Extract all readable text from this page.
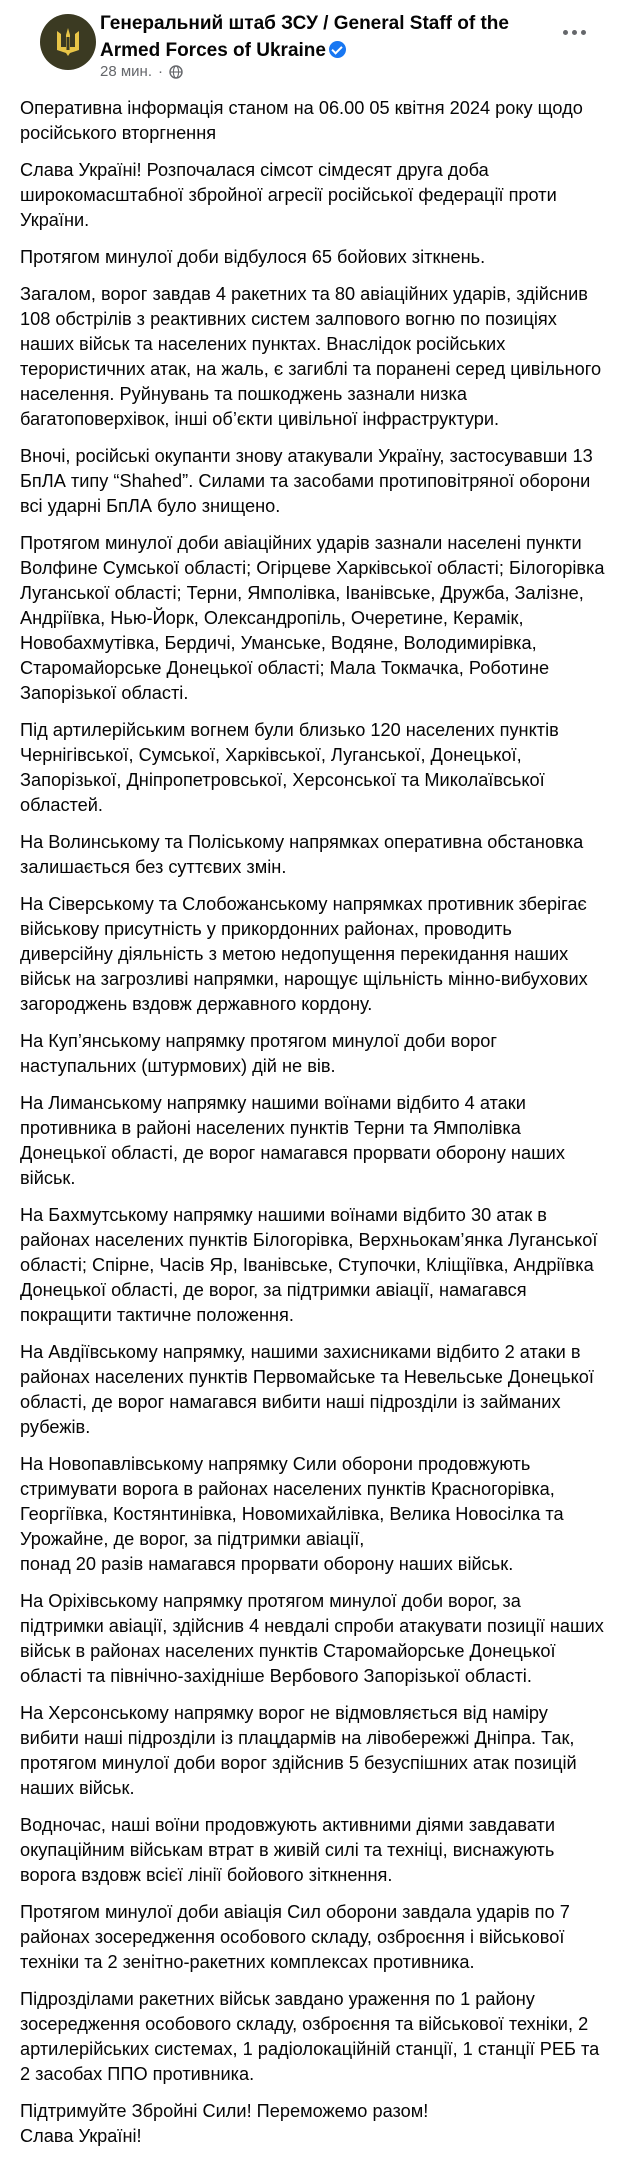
Генеральний штаб ЗСУ / General Staff of the Armed Forces of Ukraine
28 мин. ·

Оперативна інформація станом на 06.00 05 квітня 2024 року щодо російського вторгнення

Слава Україні! Розпочалася сімсот сімдесят друга доба широкомасштабної збройної агресії російської федерації проти України.

Протягом минулої доби відбулося 65 бойових зіткнень.

Загалом, ворог завдав 4 ракетних та 80 авіаційних ударів, здійснив 108 обстрілів з реактивних систем залпового вогню по позиціях наших військ та населених пунктах. Внаслідок російських терористичних атак, на жаль, є загиблі та поранені серед цивільного населення. Руйнувань та пошкоджень зазнали низка багатоповерхівок, інші об’єкти цивільної інфраструктури.

Вночі, російські окупанти знову атакували Україну, застосувавши 13 БпЛА типу “Shahed”. Силами та засобами протиповітряної оборони всі ударні БпЛА було знищено.

Протягом минулої доби авіаційних ударів зазнали населені пункти Волфине Сумської області; Огірцеве Харківської області; Білогорівка Луганської області; Терни, Ямполівка, Іванівське, Дружба, Залізне, Андріївка, Нью-Йорк, Олександропіль, Очеретине, Керамік, Новобахмутівка, Бердичі, Уманське, Водяне, Володимирівка, Старомайорське Донецької області; Мала Токмачка, Роботине Запорізької області.

Під артилерійським вогнем були близько 120 населених пунктів Чернігівської, Сумської, Харківської, Луганської, Донецької, Запорізької, Дніпропетровської, Херсонської та Миколаївської областей.

На Волинському та Поліському напрямках оперативна обстановка залишається без суттєвих змін.

На Сіверському та Слобожанському напрямках противник зберігає військову присутність у прикордонних районах, проводить диверсійну діяльність з метою недопущення перекидання наших військ на загрозливі напрямки, нарощує щільність мінно-вибухових загороджень вздовж державного кордону.

На Куп’янському напрямку протягом минулої доби ворог наступальних (штурмових) дій не вів.

На Лиманському напрямку нашими воїнами відбито 4 атаки противника в районі населених пунктів Терни та Ямполівка Донецької області, де ворог намагався прорвати оборону наших військ.

На Бахмутському напрямку нашими воїнами відбито 30 атак в районах населених пунктів Білогорівка, Верхньокам’янка Луганської області; Спірне, Часів Яр, Іванівське, Ступочки, Кліщіївка, Андріївка Донецької області, де ворог, за підтримки авіації, намагався покращити тактичне положення.

На Авдіївському напрямку, нашими захисниками відбито 2 атаки в районах населених пунктів Первомайське та Невельське Донецької області, де ворог намагався вибити наші підрозділи із займаних рубежів.

На Новопавлівському напрямку Сили оборони продовжують стримувати ворога в районах населених пунктів Красногорівка, Георгіївка, Костянтинівка, Новомихайлівка, Велика Новосілка та Урожайне, де ворог, за підтримки авіації,
понад 20 разів намагався прорвати оборону наших військ.

На Оріхівському напрямку протягом минулої доби ворог, за підтримки авіації, здійснив 4 невдалі спроби атакувати позиції наших військ в районах населених пунктів Старомайорське Донецької області та північно-західніше Вербового Запорізької області.

На Херсонському напрямку ворог не відмовляється від наміру вибити наші підрозділи із плацдармів на лівобережжі Дніпра. Так, протягом минулої доби ворог здійснив 5 безуспішних атак позицій наших військ.

Водночас, наші воїни продовжують активними діями завдавати окупаційним військам втрат в живій силі та техніці, виснажують ворога вздовж всієї лінії бойового зіткнення.

Протягом минулої доби авіація Сил оборони завдала ударів по 7 районах зосередження особового складу, озброєння і військової техніки та 2 зенітно-ракетних комплексах противника.

Підрозділами ракетних військ завдано ураження по 1 району зосередження особового складу, озброєння та військової техніки, 2 артилерійських системах, 1 радіолокаційній станції, 1 станції РЕБ та 2 засобах ППО противника.

Підтримуйте Збройні Сили! Переможемо разом!
Слава Україні!
